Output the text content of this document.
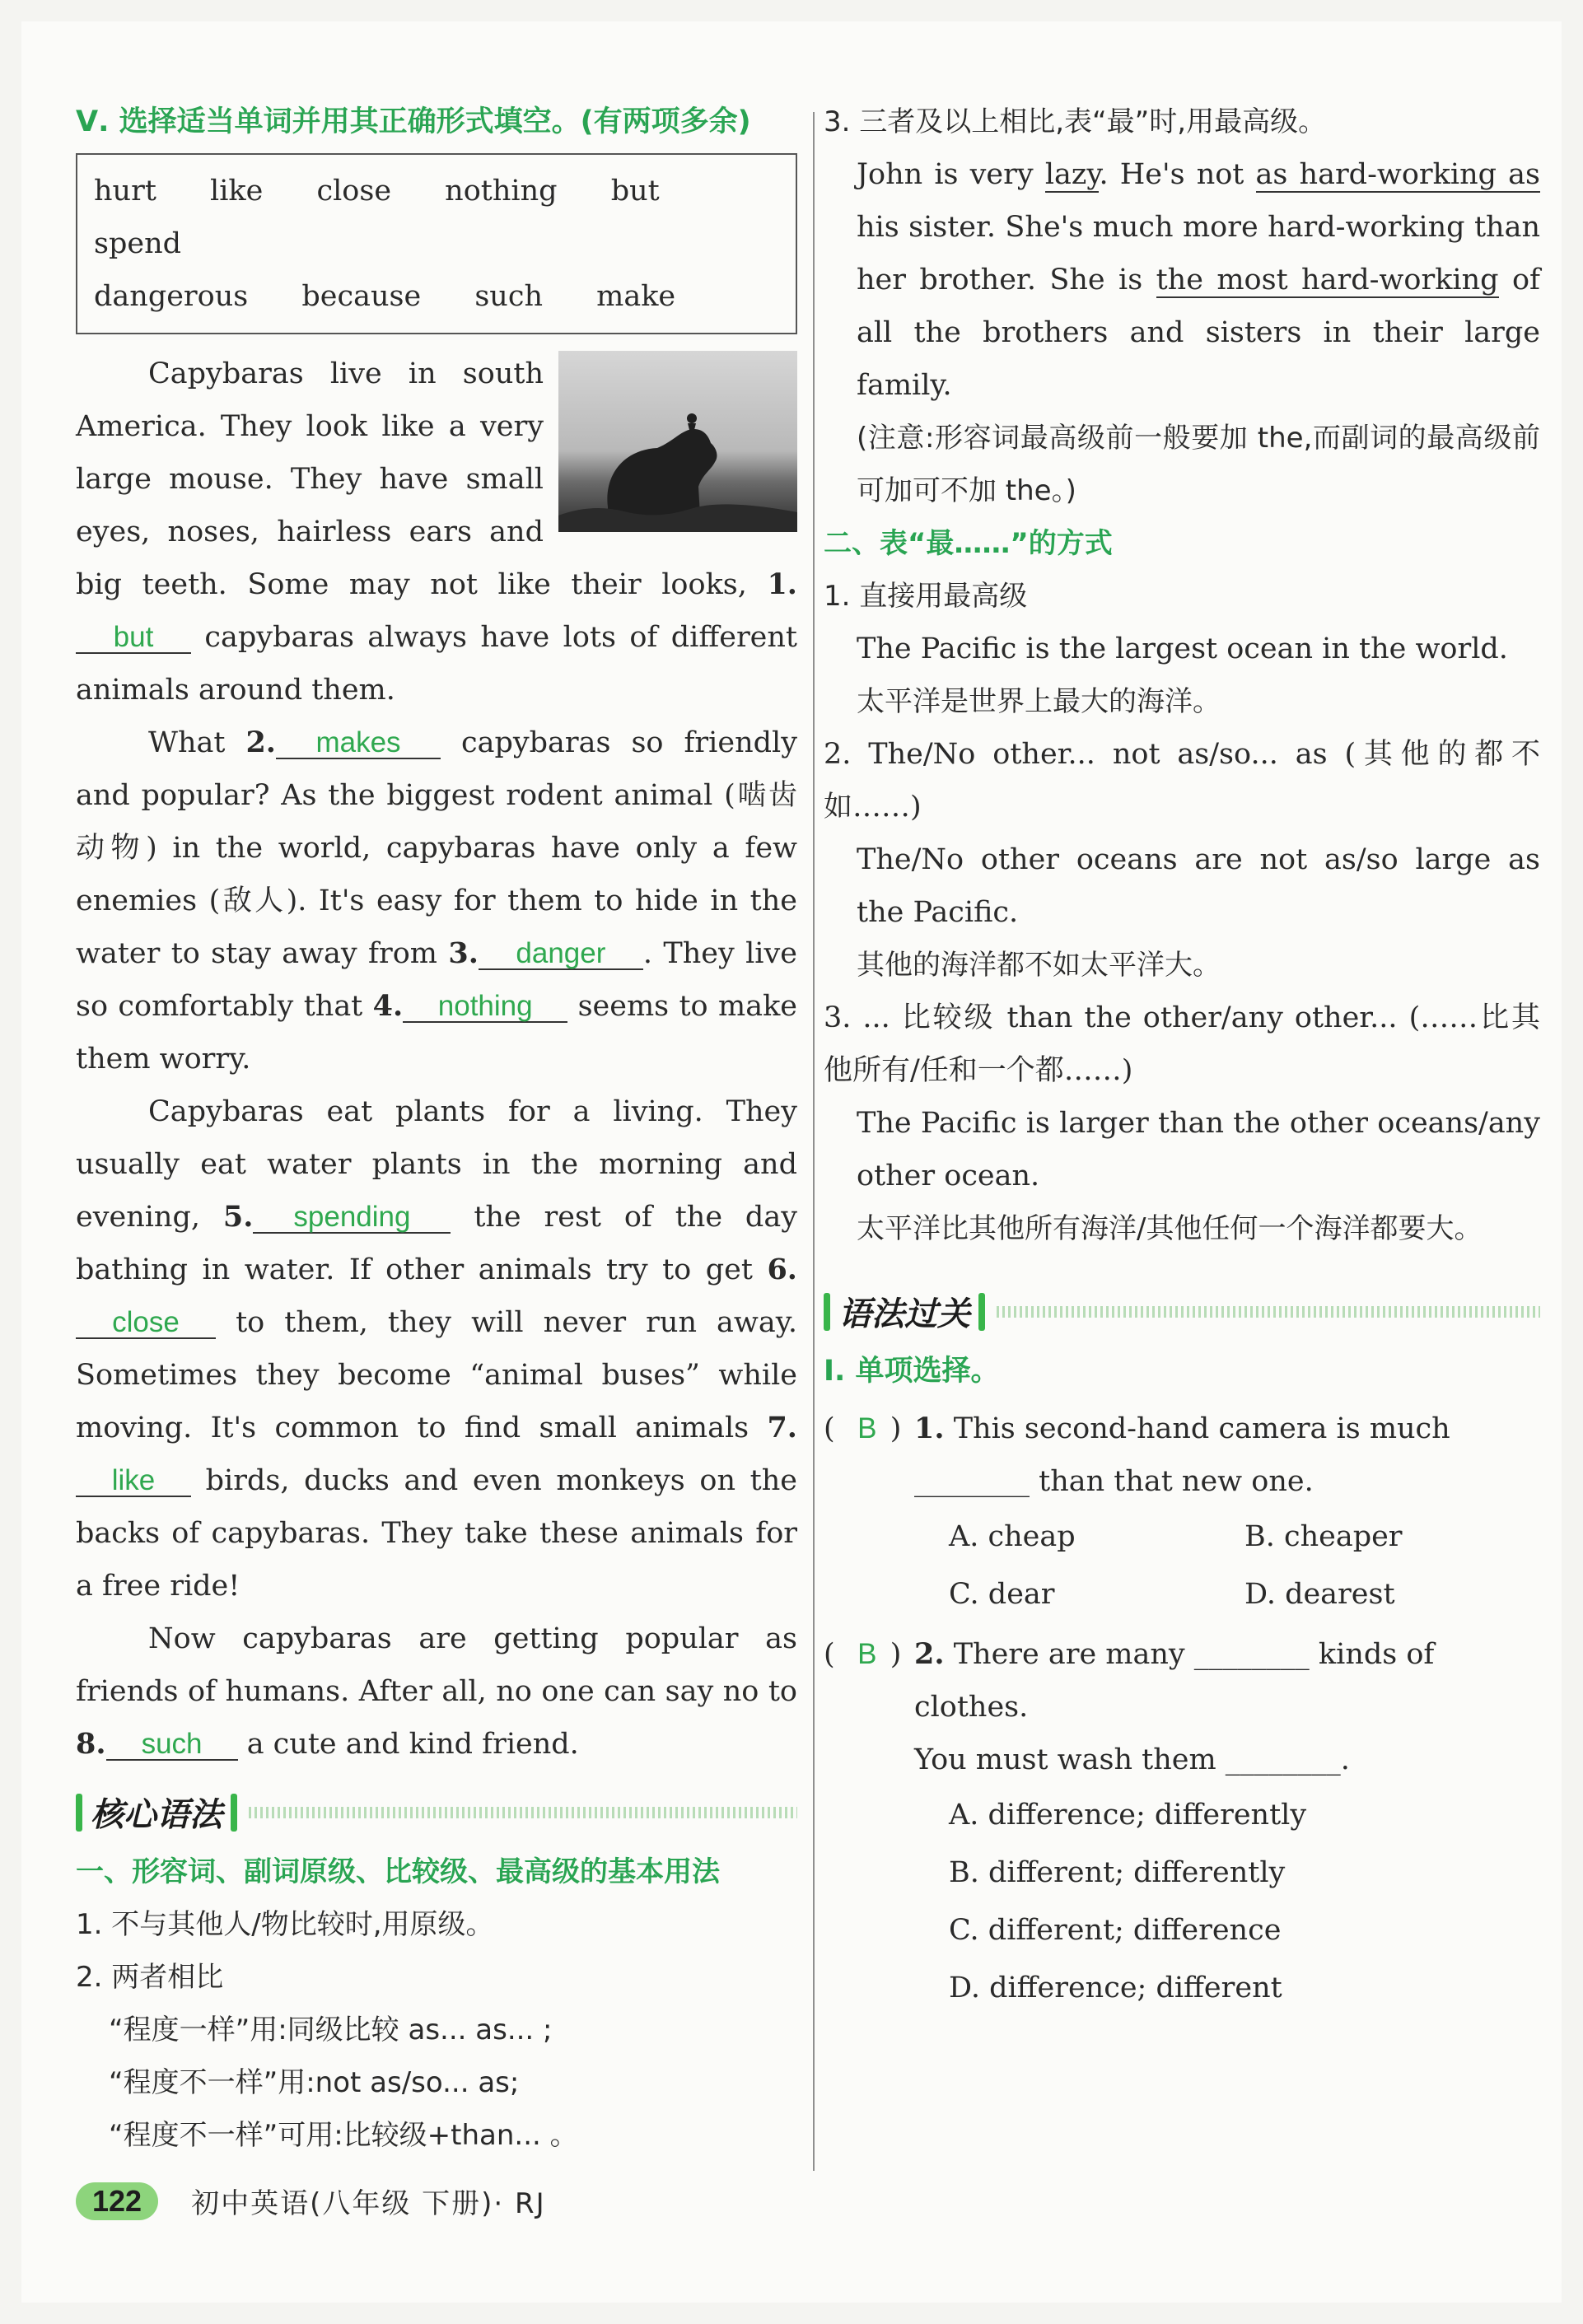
Ⅴ. 选择适当单词并用其正确形式填空。(有两项多余)
hurt like close nothing but spend
dangerous because such make
Capybaras live in south America. They look like a very large mouse. They have small eyes, noses, hairless ears and big teeth. Some may not like their looks, 1.but capybaras always have lots of different animals around them.
What 2. makes capybaras so friendly and popular? As the biggest rodent animal (啮齿动物) in the world, capybaras have only a few enemies (敌人). It's easy for them to hide in the water to stay away from 3. danger . They live so comfortably that 4. nothing seems to make them worry.
Capybaras eat plants for a living. They usually eat water plants in the morning and evening, 5. spending the rest of the day bathing in water. If other animals try to get 6.close to them, they will never run away. Sometimes they become “animal buses” while moving. It's common to find small animals 7.like birds, ducks and even monkeys on the backs of capybaras. They take these animals for a free ride!
Now capybaras are getting popular as friends of humans. After all, no one can say no to 8. such a cute and kind friend.
核心语法
一、形容词、副词原级、比较级、最高级的基本用法
1. 不与其他人/物比较时,用原级。
2. 两者相比
“程度一样”用:同级比较 as... as... ;
“程度不一样”用:not as/so... as;
“程度不一样”可用:比较级+than... 。
3. 三者及以上相比,表“最”时,用最高级。
John is very lazy. He's not as hard-working as his sister. She's much more hard-working than her brother. She is the most hard-working of all the brothers and sisters in their large family.
(注意:形容词最高级前一般要加 the,而副词的最高级前可加可不加 the。)
二、表“最……”的方式
1. 直接用最高级
The Pacific is the largest ocean in the world.
太平洋是世界上最大的海洋。
2. The/No other... not as/so... as (其他的都不如……)
The/No other oceans are not as/so large as the Pacific.
其他的海洋都不如太平洋大。
3. ... 比较级 than the other/any other... (……比其他所有/任和一个都……)
The Pacific is larger than the other oceans/any other ocean.
太平洋比其他所有海洋/其他任何一个海洋都要大。
语法过关
Ⅰ. 单项选择。
( B ) 1. This second-hand camera is much ________ than that new one.
A. cheap	B. cheaper
C. dear	D. dearest
( B ) 2. There are many ________ kinds of clothes.
You must wash them ________.
A. difference; differently
B. different; differently
C. different; difference
D. difference; different
122	初中英语(八年级 下册)· RJ
